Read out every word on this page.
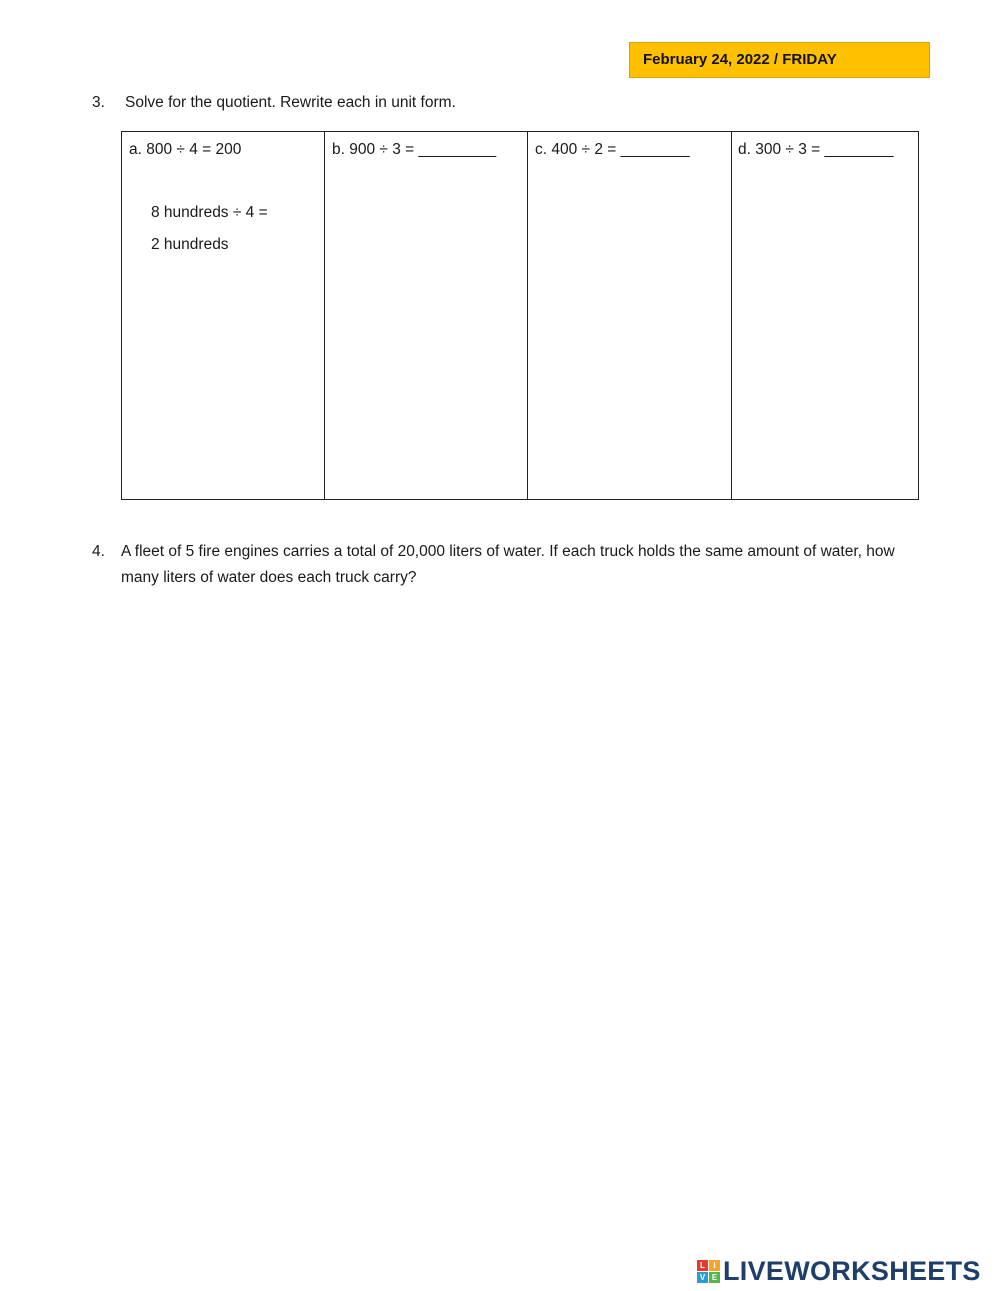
February 24, 2022 / FRIDAY
3. Solve for the quotient. Rewrite each in unit form.
a. 800 ÷ 4 = 200
8 hundreds ÷ 4 =
2 hundreds
b. 900 ÷ 3 = _________	c. 400 ÷ 2 = ________	d. 300 ÷ 3 = ________
4. A fleet of 5 fire engines carries a total of 20,000 liters of water. If each truck holds the same amount of water, how many liters of water does each truck carry?
L	I
V E LIVEWORKSHEETS
